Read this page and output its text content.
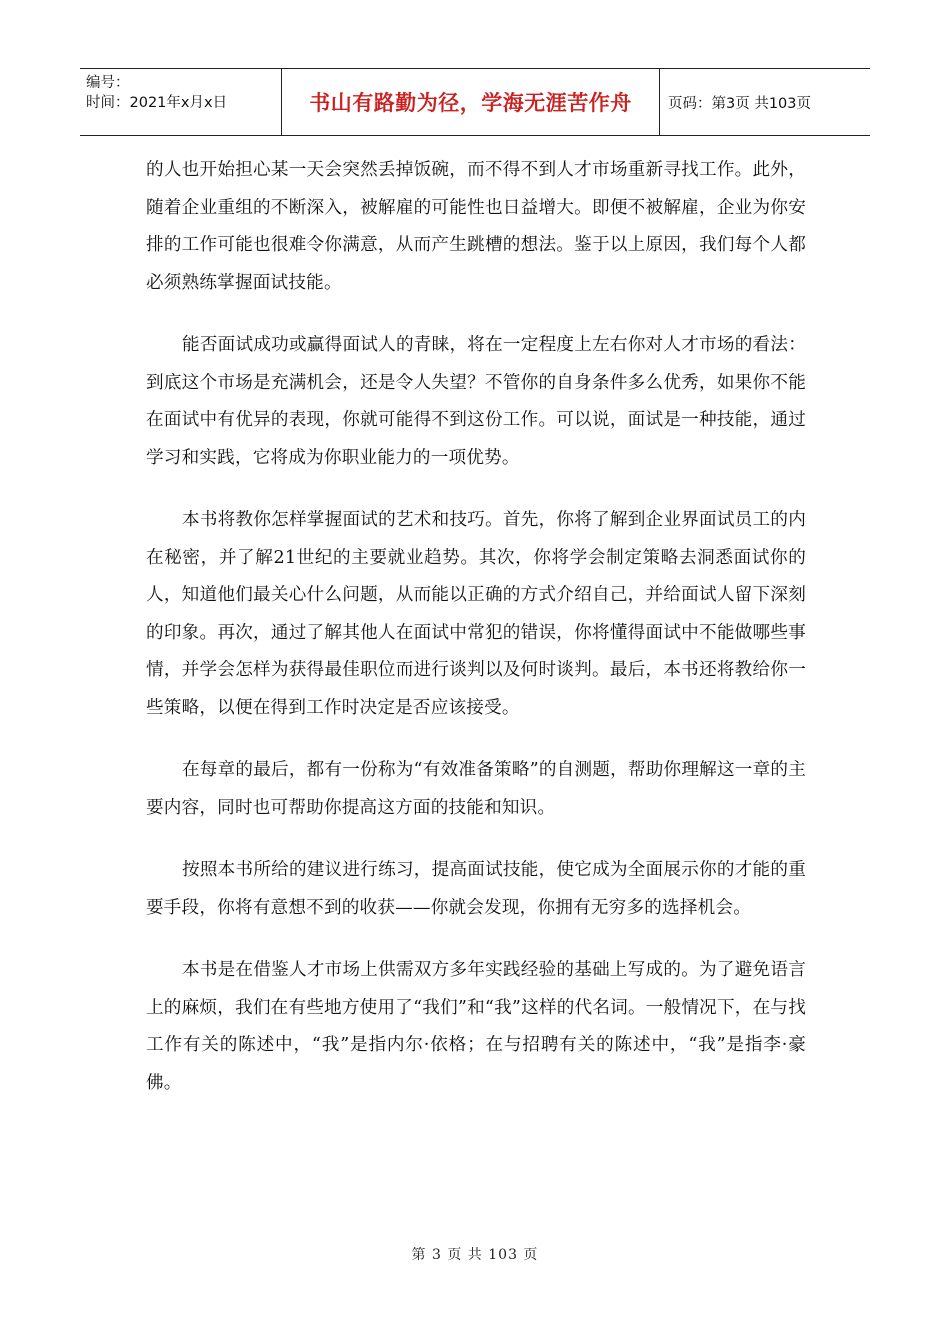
编号：
时间：2021年x月x日	书山有路勤为径，学海无涯苦作舟	页码：第3页 共103页

的人也开始担心某一天会突然丢掉饭碗，而不得不到人才市场重新寻找工作。此外，随着企业重组的不断深入，被解雇的可能性也日益增大。即便不被解雇，企业为你安排的工作可能也很难令你满意，从而产生跳槽的想法。鉴于以上原因，我们每个人都必须熟练掌握面试技能。

能否面试成功或赢得面试人的青睐，将在一定程度上左右你对人才市场的看法：到底这个市场是充满机会，还是令人失望？不管你的自身条件多么优秀，如果你不能在面试中有优异的表现，你就可能得不到这份工作。可以说，面试是一种技能，通过学习和实践，它将成为你职业能力的一项优势。

本书将教你怎样掌握面试的艺术和技巧。首先，你将了解到企业界面试员工的内在秘密，并了解21世纪的主要就业趋势。其次，你将学会制定策略去洞悉面试你的人，知道他们最关心什么问题，从而能以正确的方式介绍自己，并给面试人留下深刻的印象。再次，通过了解其他人在面试中常犯的错误，你将懂得面试中不能做哪些事情，并学会怎样为获得最佳职位而进行谈判以及何时谈判。最后，本书还将教给你一些策略，以便在得到工作时决定是否应该接受。

在每章的最后，都有一份称为“有效准备策略”的自测题，帮助你理解这一章的主要内容，同时也可帮助你提高这方面的技能和知识。

按照本书所给的建议进行练习，提高面试技能，使它成为全面展示你的才能的重要手段，你将有意想不到的收获——你就会发现，你拥有无穷多的选择机会。

本书是在借鉴人才市场上供需双方多年实践经验的基础上写成的。为了避免语言上的麻烦，我们在有些地方使用了“我们”和“我”这样的代名词。一般情况下，在与找工作有关的陈述中，“我”是指内尔·依格；在与招聘有关的陈述中，“我”是指李·豪佛。

第 3 页 共 103 页
